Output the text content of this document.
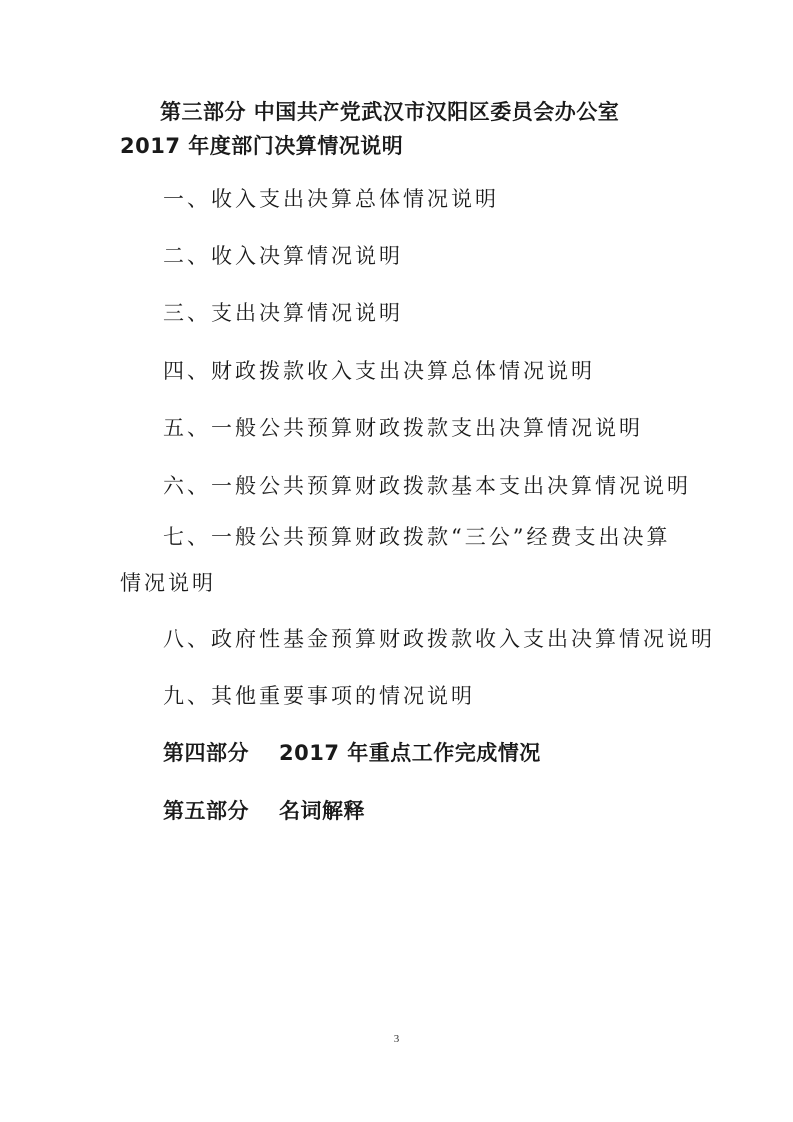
第三部分 中国共产党武汉市汉阳区委员会办公室
2017 年度部门决算情况说明
一、收入支出决算总体情况说明
二、收入决算情况说明
三、支出决算情况说明
四、财政拨款收入支出决算总体情况说明
五、一般公共预算财政拨款支出决算情况说明
六、一般公共预算财政拨款基本支出决算情况说明
七、一般公共预算财政拨款“三公”经费支出决算情况说明
八、政府性基金预算财政拨款收入支出决算情况说明
九、其他重要事项的情况说明
第四部分 2017 年重点工作完成情况
第五部分 名词解释
3
